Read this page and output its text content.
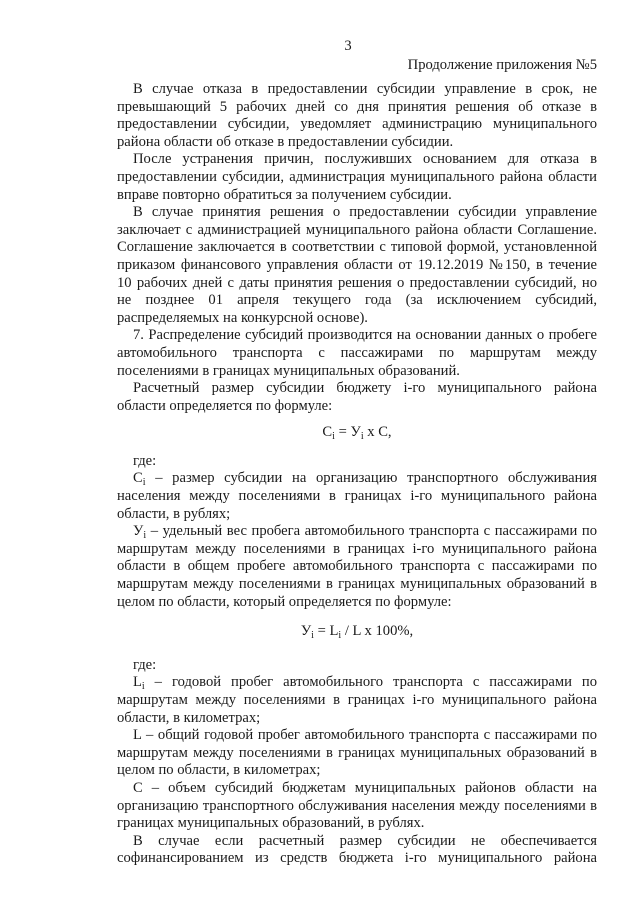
3
Продолжение приложения №5

В случае отказа в предоставлении субсидии управление в срок, не превышающий 5 рабочих дней со дня принятия решения об отказе в предоставлении субсидии, уведомляет администрацию муниципального района области об отказе в предоставлении субсидии.

После устранения причин, послуживших основанием для отказа в предоставлении субсидии, администрация муниципального района области вправе повторно обратиться за получением субсидии.

В случае принятия решения о предоставлении субсидии управление заключает с администрацией муниципального района области Соглашение. Соглашение заключается в соответствии с типовой формой, установленной приказом финансового управления области от 19.12.2019 №150, в течение 10 рабочих дней с даты принятия решения о предоставлении субсидий, но не позднее 01 апреля текущего года (за исключением субсидий, распределяемых на конкурсной основе).

7. Распределение субсидий производится на основании данных о пробеге автомобильного транспорта с пассажирами по маршрутам между поселениями в границах муниципальных образований.

Расчетный размер субсидии бюджету i-го муниципального района области определяется по формуле:

$С_i = У_i$ х С,

где:

$С_i$ – размер субсидии на организацию транспортного обслуживания населения между поселениями в границах i-го муниципального района области, в рублях;

$У_i$ – удельный вес пробега автомобильного транспорта с пассажирами по маршрутам между поселениями в границах i-го муниципального района области в общем пробеге автомобильного транспорта с пассажирами по маршрутам между поселениями в границах муниципальных образований в целом по области, который определяется по формуле:

$У_i = L_i / L$ х 100%,

где:

$L_i$ – годовой пробег автомобильного транспорта с пассажирами по маршрутам между поселениями в границах i-го муниципального района области, в километрах;

L – общий годовой пробег автомобильного транспорта с пассажирами по маршрутам между поселениями в границах муниципальных образований в целом по области, в километрах;

С – объем субсидий бюджетам муниципальных районов области на организацию транспортного обслуживания населения между поселениями в границах муниципальных образований, в рублях.

В случае если расчетный размер субсидии не обеспечивается софинансированием из средств бюджета i-го муниципального района
